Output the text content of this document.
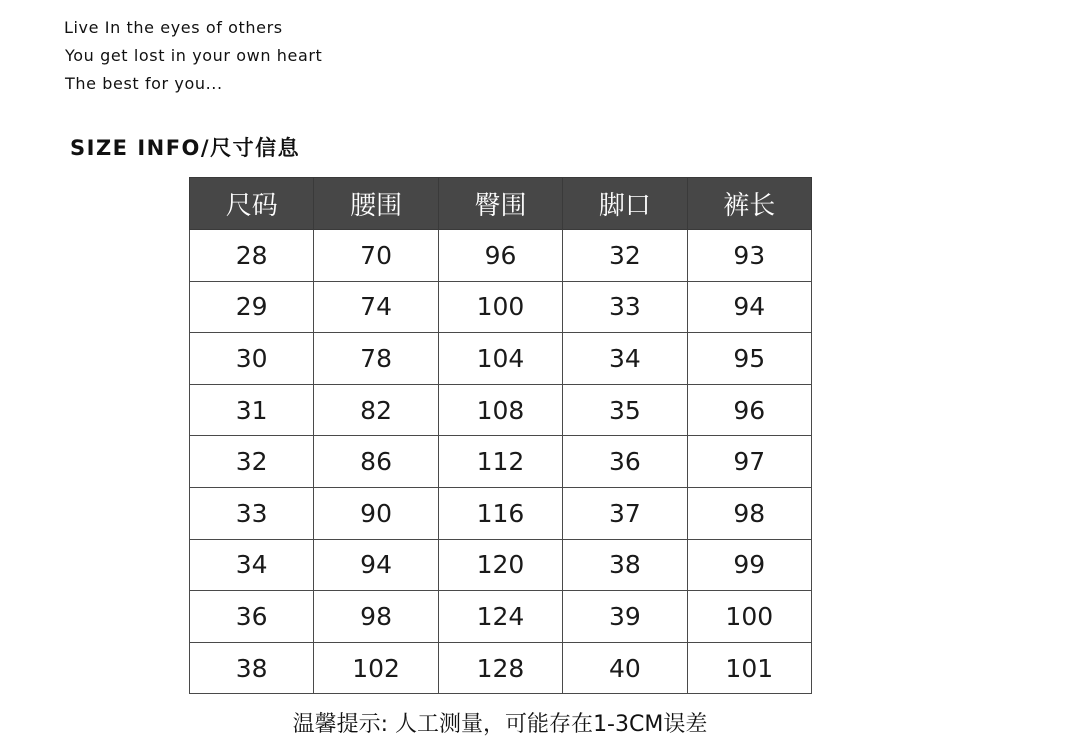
Live In the eyes of others
You get lost in your own heart
The best for you...
SIZE INFO/尺寸信息
尺码	腰围	臀围	脚口	裤长
28	70	96	32	93
29	74	100	33	94
30	78	104	34	95
31	82	108	35	96
32	86	112	36	97
33	90	116	37	98
34	94	120	38	99
36	98	124	39	100
38	102	128	40	101
温馨提示: 人工测量，可能存在1-3CM误差
